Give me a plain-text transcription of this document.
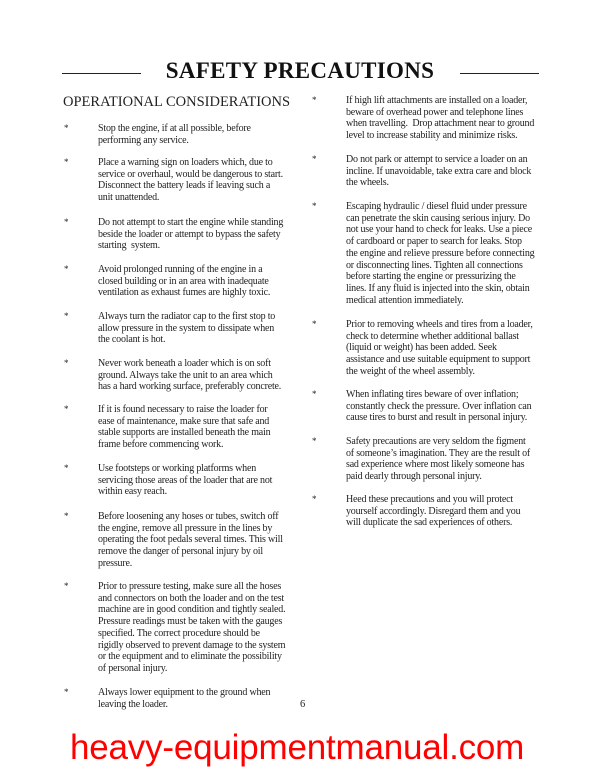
SAFETY PRECAUTIONS
OPERATIONAL CONSIDERATIONS
*	Stop the engine, if at all possible, before
performing any service.
*	Place a warning sign on loaders which, due to
service or overhaul, would be dangerous to start.
Disconnect the battery leads if leaving such a
unit unattended.
*	Do not attempt to start the engine while standing
beside the loader or attempt to bypass the safety
starting  system.
*	Avoid prolonged running of the engine in a
closed building or in an area with inadequate
ventilation as exhaust fumes are highly toxic.
*	Always turn the radiator cap to the first stop to
allow pressure in the system to dissipate when
the coolant is hot.
*	Never work beneath a loader which is on soft
ground. Always take the unit to an area which
has a hard working surface, preferably concrete.
*	If it is found necessary to raise the loader for
ease of maintenance, make sure that safe and
stable supports are installed beneath the main
frame before commencing work.
*	Use footsteps or working platforms when
servicing those areas of the loader that are not
within easy reach.
*	Before loosening any hoses or tubes, switch off
the engine, remove all pressure in the lines by
operating the foot pedals several times. This will
remove the danger of personal injury by oil
pressure.
*	Prior to pressure testing, make sure all the hoses
and connectors on both the loader and on the test
machine are in good condition and tightly sealed.
Pressure readings must be taken with the gauges
specified. The correct procedure should be
rigidly observed to prevent damage to the system
or the equipment and to eliminate the possibility
of personal injury.
*	Always lower equipment to the ground when
leaving the loader.
*	If high lift attachments are installed on a loader,
beware of overhead power and telephone lines
when travelling.  Drop attachment near to ground
level to increase stability and minimize risks.
*	Do not park or attempt to service a loader on an
incline. If unavoidable, take extra care and block
the wheels.
*	Escaping hydraulic / diesel fluid under pressure
can penetrate the skin causing serious injury. Do
not use your hand to check for leaks. Use a piece
of cardboard or paper to search for leaks. Stop
the engine and relieve pressure before connecting
or disconnecting lines. Tighten all connections
before starting the engine or pressurizing the
lines. If any fluid is injected into the skin, obtain
medical attention immediately.
*	Prior to removing wheels and tires from a loader,
check to determine whether additional ballast
(liquid or weight) has been added. Seek
assistance and use suitable equipment to support
the weight of the wheel assembly.
*	When inflating tires beware of over inflation;
constantly check the pressure. Over inflation can
cause tires to burst and result in personal injury.
*	Safety precautions are very seldom the figment
of someone’s imagination. They are the result of
sad experience where most likely someone has
paid dearly through personal injury.
*	Heed these precautions and you will protect
yourself accordingly. Disregard them and you
will duplicate the sad experiences of others.
6
heavy-equipmentmanual.com
